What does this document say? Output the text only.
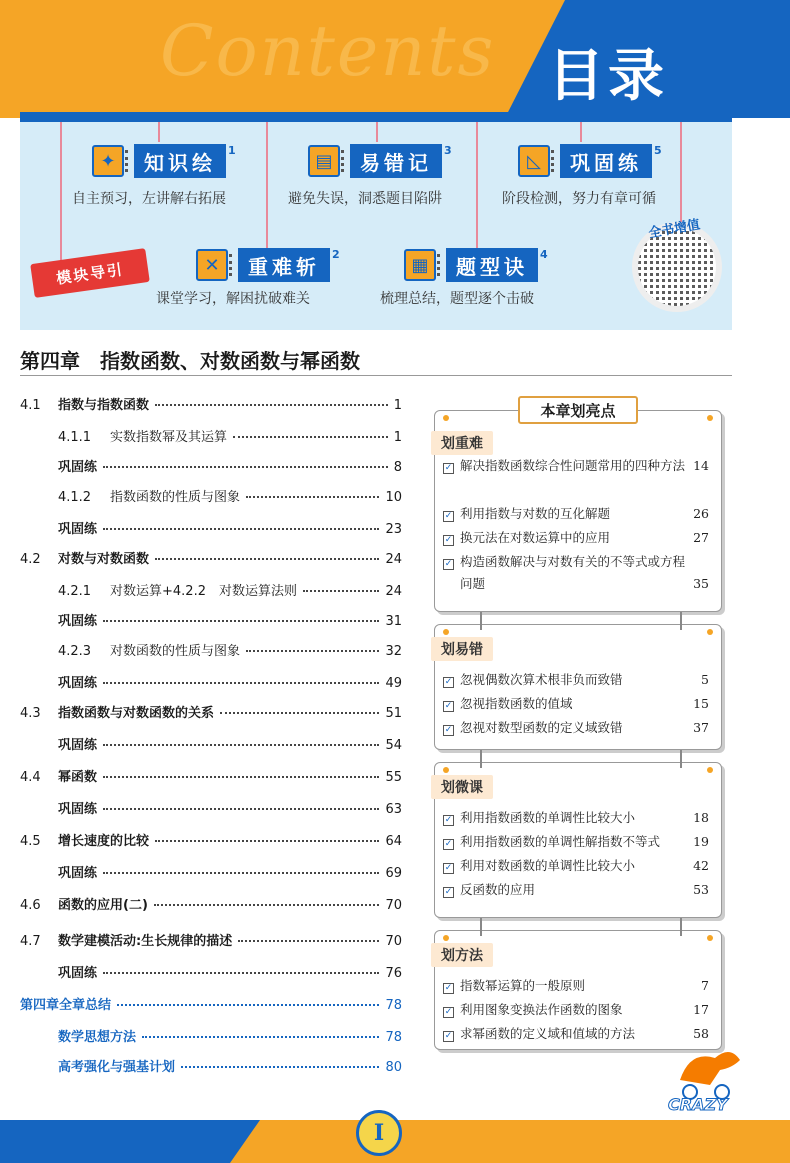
Contents 目录
✦	知识绘	$^1$
自主预习，左讲解右拓展
▤	易错记	$^3$
避免失误，洞悉题目陷阱
◺	巩固练	$^5$
阶段检测，努力有章可循
✕	重难斩	$^2$
课堂学习，解困扰破难关
▦	题型诀	$^4$
梳理总结，题型逐个击破
模块导引
全书增值
第四章　指数函数、对数函数与幂函数
4.1	指数与指数函数	1
4.1.1	实数指数幂及其运算	1
巩固练	8
4.1.2	指数函数的性质与图象	10
巩固练	23
4.2	对数与对数函数	24
4.2.1	对数运算+4.2.2　对数运算法则	24
巩固练	31
4.2.3	对数函数的性质与图象	32
巩固练	49
4.3	指数函数与对数函数的关系	51
巩固练	54
4.4	幂函数	55
巩固练	63
4.5	增长速度的比较	64
巩固练	69
4.6	函数的应用(二)	70
4.7	数学建模活动:生长规律的描述	70
巩固练	76
第四章全章总结	78
数学思想方法	78
高考强化与强基计划	80
本章划亮点
划重难
✓ 解决指数函数综合性问题常用的四种方法 14
✓ 利用指数与对数的互化解题	26
✓ 换元法在对数运算中的应用	27
✓ 构造函数解决与对数有关的不等式或方程问题	35
划易错
✓ 忽视偶数次算术根非负而致错	5
✓ 忽视指数函数的值域	15
✓ 忽视对数型函数的定义域致错	37
划微课
✓ 利用指数函数的单调性比较大小	18
✓ 利用指数函数的单调性解指数不等式	19
✓ 利用对数函数的单调性比较大小	42
✓ 反函数的应用	53
划方法
✓ 指数幂运算的一般原则	7
✓ 利用图象变换法作函数的图象	17
✓ 求幂函数的定义域和值域的方法	58
I
CRAZY
